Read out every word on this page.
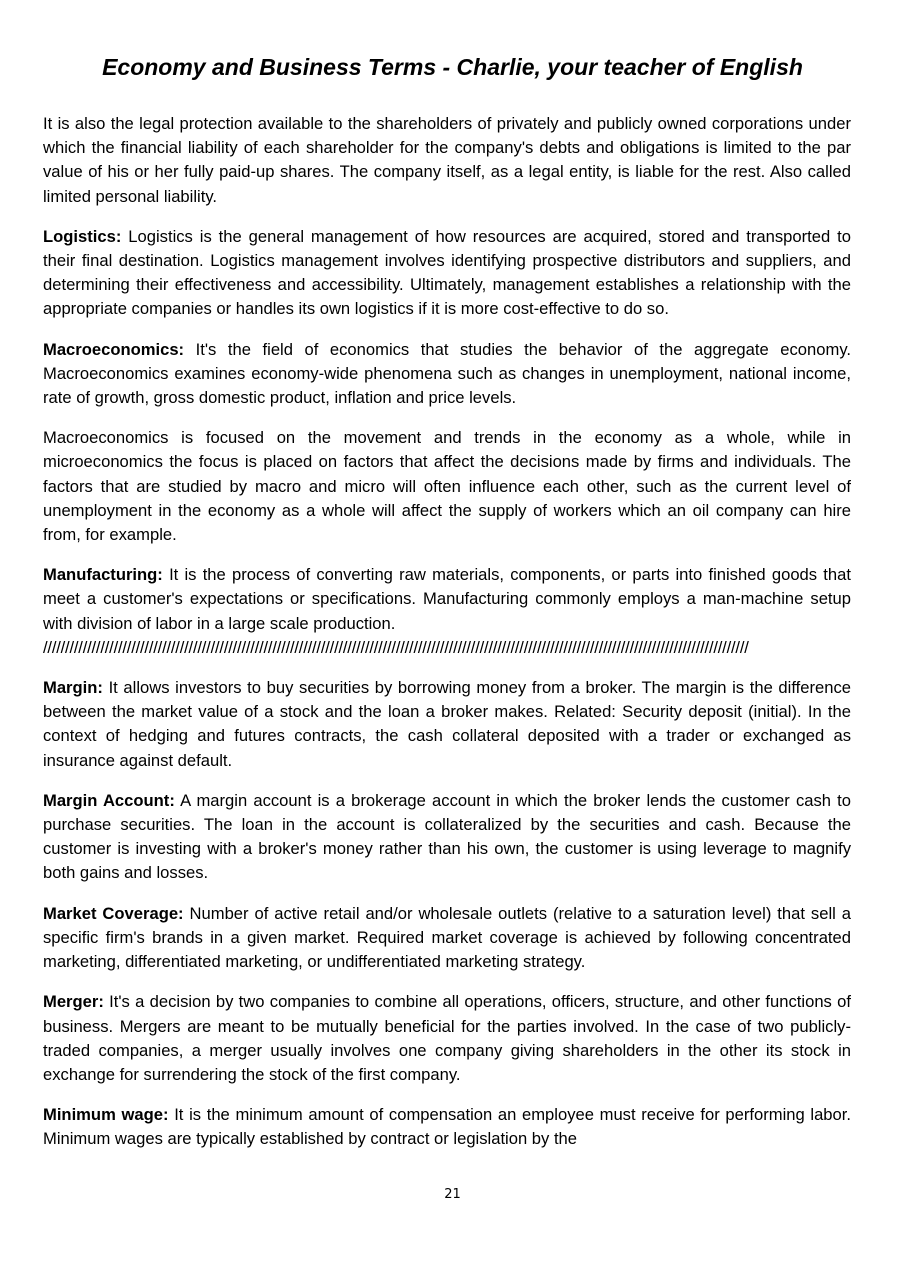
Economy and Business Terms - Charlie, your teacher of English

It is also the legal protection available to the shareholders of privately and publicly owned corporations under which the financial liability of each shareholder for the company's debts and obligations is limited to the par value of his or her fully paid-up shares. The company itself, as a legal entity, is liable for the rest. Also called limited personal liability.

Logistics: Logistics is the general management of how resources are acquired, stored and transported to their final destination. Logistics management involves identifying prospective distributors and suppliers, and determining their effectiveness and accessibility. Ultimately, management establishes a relationship with the appropriate companies or handles its own logistics if it is more cost-effective to do so.

Macroeconomics: It's the field of economics that studies the behavior of the aggregate economy. Macroeconomics examines economy-wide phenomena such as changes in unemployment, national income, rate of growth, gross domestic product, inflation and price levels.

Macroeconomics is focused on the movement and trends in the economy as a whole, while in microeconomics the focus is placed on factors that affect the decisions made by firms and individuals. The factors that are studied by macro and micro will often influence each other, such as the current level of unemployment in the economy as a whole will affect the supply of workers which an oil company can hire from, for example.

Manufacturing: It is the process of converting raw materials, components, or parts into finished goods that meet a customer's expectations or specifications. Manufacturing commonly employs a man-machine setup with division of labor in a large scale production.
////////////////////////////////////////////////////////////////////////////////////////////////////////////////////////////////////////////////////////////////

Margin: It allows investors to buy securities by borrowing money from a broker. The margin is the difference between the market value of a stock and the loan a broker makes. Related: Security deposit (initial). In the context of hedging and futures contracts, the cash collateral deposited with a trader or exchanged as insurance against default.

Margin Account: A margin account is a brokerage account in which the broker lends the customer cash to purchase securities. The loan in the account is collateralized by the securities and cash. Because the customer is investing with a broker's money rather than his own, the customer is using leverage to magnify both gains and losses.

Market Coverage: Number of active retail and/or wholesale outlets (relative to a saturation level) that sell a specific firm's brands in a given market. Required market coverage is achieved by following concentrated marketing, differentiated marketing, or undifferentiated marketing strategy.

Merger: It's a decision by two companies to combine all operations, officers, structure, and other functions of business. Mergers are meant to be mutually beneficial for the parties involved. In the case of two publicly-traded companies, a merger usually involves one company giving shareholders in the other its stock in exchange for surrendering the stock of the first company.

Minimum wage: It is the minimum amount of compensation an employee must receive for performing labor. Minimum wages are typically established by contract or legislation by the

21
